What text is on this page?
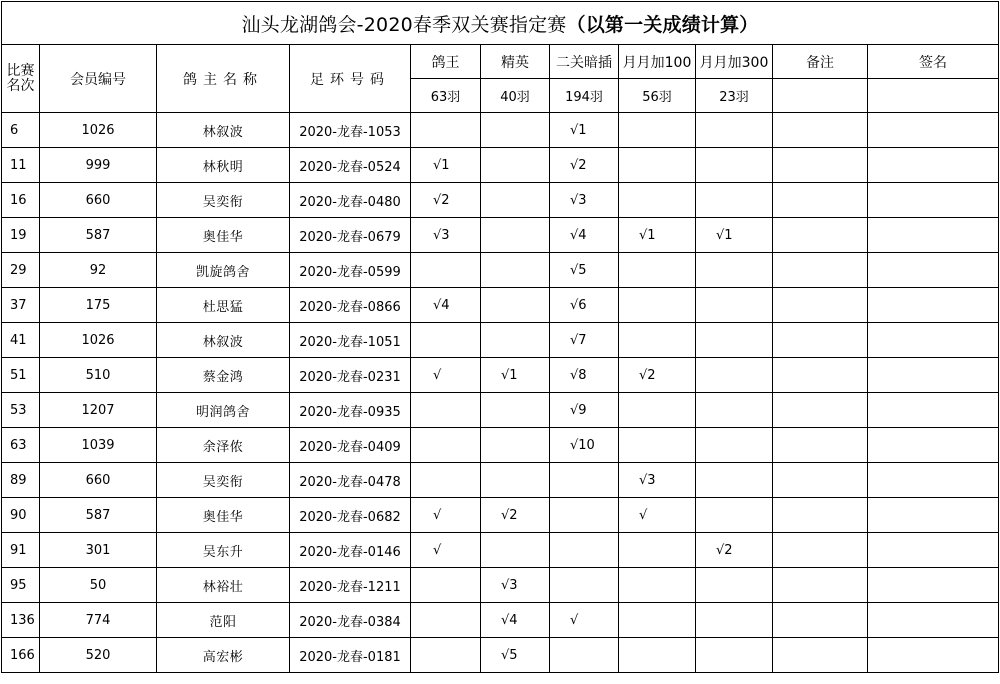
汕头龙湖鸽会-2020春季双关赛指定赛（以第一关成绩计算）										
比赛名次	会员编号	鸽主名称	足环号码	鸽王	精英	二关暗插	月月加100	月月加300	备注	签名
				63羽	40羽	194羽	56羽	23羽		
6	1026	林叙波	2020-龙春-1053			√1				
11	999	林秋明	2020-龙春-0524	√1		√2				
16	660	吴奕衔	2020-龙春-0480	√2		√3				
19	587	奥佳华	2020-龙春-0679	√3		√4	√1	√1		
29	92	凯旋鸽舍	2020-龙春-0599			√5				
37	175	杜思猛	2020-龙春-0866	√4		√6				
41	1026	林叙波	2020-龙春-1051			√7				
51	510	蔡金鸿	2020-龙春-0231	√	√1	√8	√2			
53	1207	明润鸽舍	2020-龙春-0935			√9				
63	1039	余泽侬	2020-龙春-0409			√10				
89	660	吴奕衔	2020-龙春-0478				√3			
90	587	奥佳华	2020-龙春-0682	√	√2		√			
91	301	吴东升	2020-龙春-0146	√				√2		
95	50	林裕壮	2020-龙春-1211		√3					
136	774	范阳	2020-龙春-0384		√4	√				
166	520	高宏彬	2020-龙春-0181		√5					
